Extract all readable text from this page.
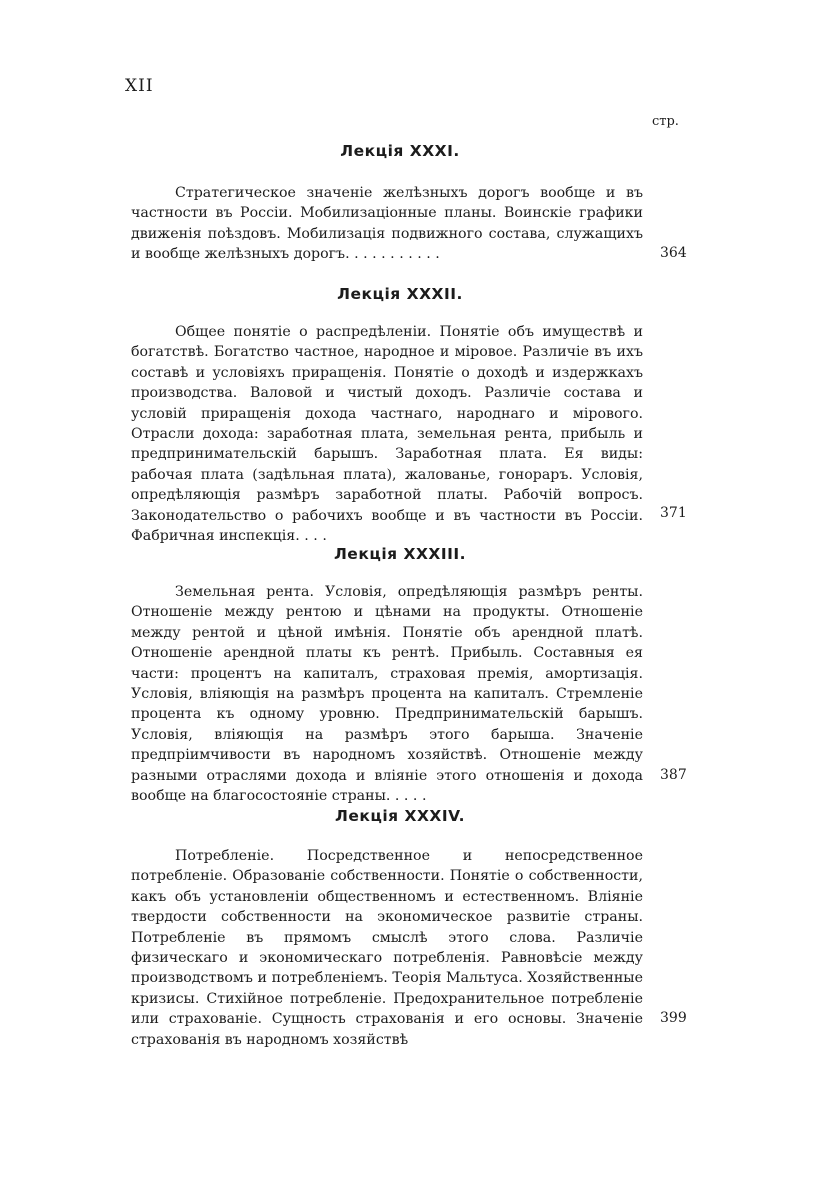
XII
стр.
Лекція XXXI.

Стратегическое значеніе желѣзныхъ дорогъ вообще и въ частности въ Россіи. Мобилизаціонные планы. Воинскіе графики движенія поѣздовъ. Мобилизація подвижного состава, служащихъ и вообще желѣзныхъ дорогъ. . . . . . . . . . .	364
Лекція XXXII.

Общее понятіе о распредѣленіи. Понятіе объ имуществѣ и богатствѣ. Богатство частное, народное и міровое. Различіе въ ихъ составѣ и условіяхъ приращенія. Понятіе о доходѣ и издержкахъ производства. Валовой и чистый доходъ. Различіе состава и условій приращенія дохода частнаго, народнаго и мірового. Отрасли дохода: заработная плата, земельная рента, прибыль и предпринимательскій барышъ. Заработная плата. Ея виды: рабочая плата (задѣльная плата), жалованье, гонораръ. Условія, опредѣляющія размѣръ заработной платы. Рабочій вопросъ. Законодательство о рабочихъ вообще и въ частности въ Россіи. Фабричная инспекція. . . .

371
Лекція XXXIII.

Земельная рента. Условія, опредѣляющія размѣръ ренты. Отношеніе между рентою и цѣнами на продукты. Отношеніе между рентой и цѣной имѣнія. Понятіе объ арендной платѣ. Отношеніе арендной платы къ рентѣ. Прибыль. Составныя ея части: процентъ на капиталъ, страховая премія, амортизація. Условія, вліяющія на размѣръ процента на капиталъ. Стремленіе процента къ одному уровню. Предпринимательскій барышъ. Условія, вліяющія на размѣръ этого барыша. Значеніе предпріимчивости въ народномъ хозяйствѣ. Отношеніе между разными отраслями дохода и вліяніе этого отношенія и дохода вообще на благосостояніе страны. . . . .

387
Лекція XXXIV.

Потребленіе. Посредственное и непосредственное потребленіе. Образованіе собственности. Понятіе о собственности, какъ объ установленіи общественномъ и естественномъ. Вліяніе твердости собственности на экономическое развитіе страны. Потребленіе въ прямомъ смыслѣ этого слова. Различіе физическаго и экономическаго потребленія. Равновѣсіе между производствомъ и потребленіемъ. Теорія Мальтуса. Хозяйственные кризисы. Стихійное потребленіе. Предохранительное потребленіе или страхованіе. Сущность страхованія и его основы. Значеніе страхованія въ народномъ хозяйствѣ

399
